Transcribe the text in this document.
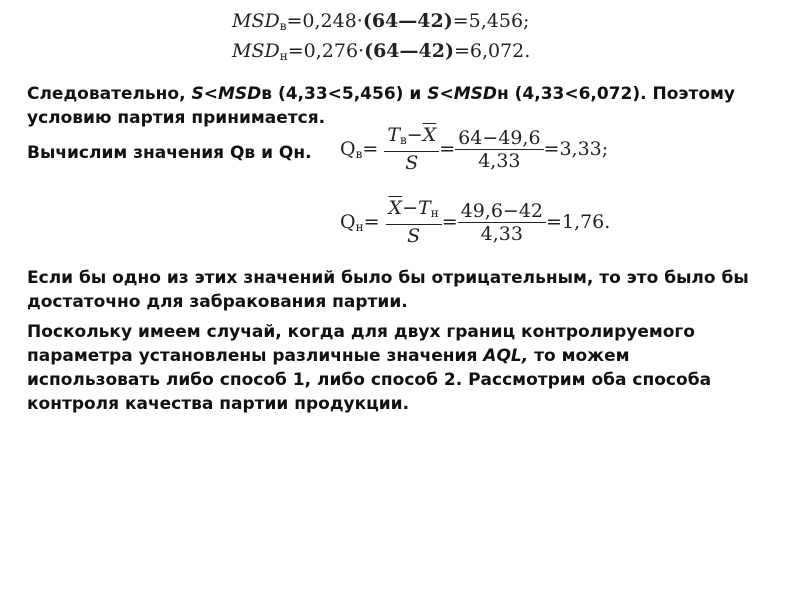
$MSD_в=0,248\cdot(64—42)=5,456$;
$MSD_н=0,276\cdot(64—42)=6,072$.
Следовательно, S<MSDв (4,33<5,456) и S<MSDн (4,33<6,072). Поэтому
условию партия принимается.
Вычислим значения Qв и Qн.	$Q_в= \frac{T_в-\overline{X}}{S} = \frac{64-49,6}{4,33} =3,33$;
$Q_н= \frac{\overline{X}-T_н}{S} = \frac{49,6-42}{4,33} =1,76$.
Если бы одно из этих значений было бы отрицательным, то это было бы достаточно для забракования партии.
Поскольку имеем случай, когда для двух границ контролируемого параметра установлены различные значения AQL, то можем использовать либо способ 1, либо способ 2. Рассмотрим оба способа контроля качества партии продукции.
